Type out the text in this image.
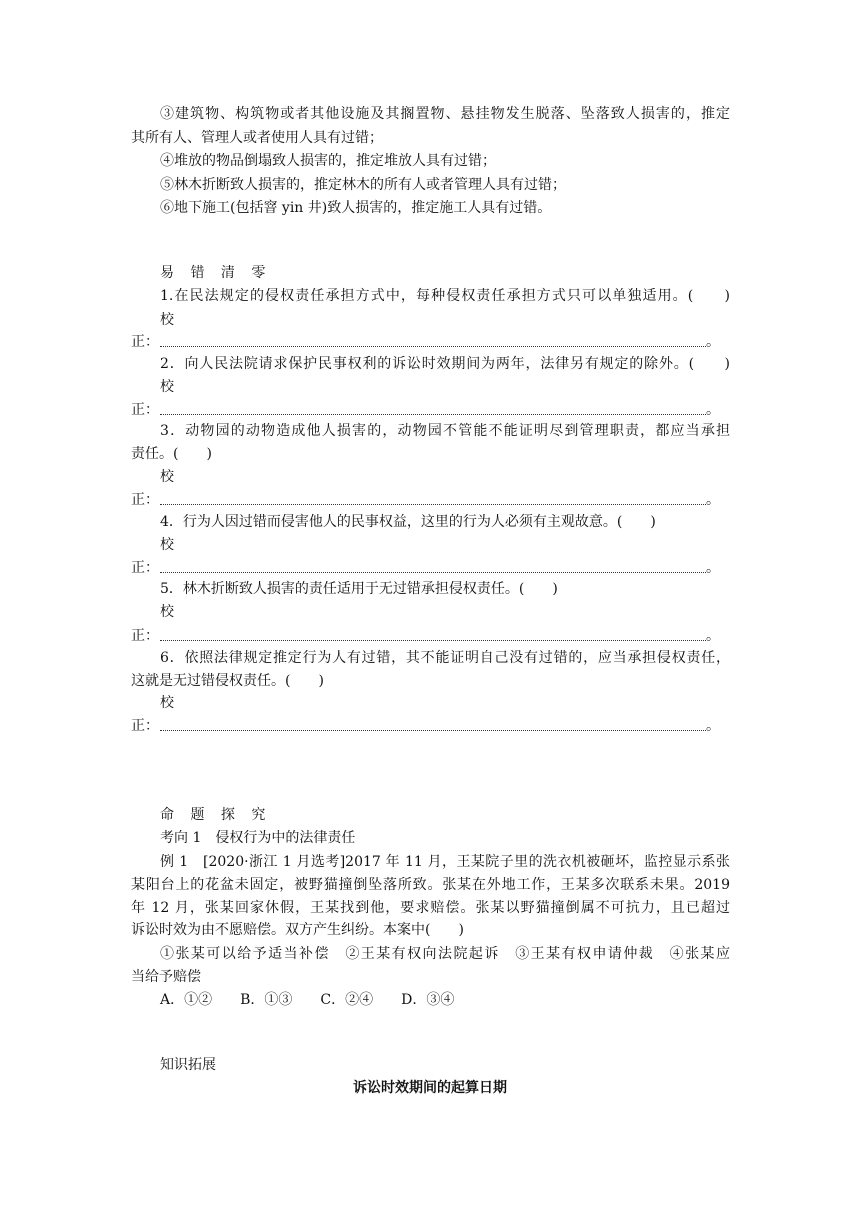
③建筑物、构筑物或者其他设施及其搁置物、悬挂物发生脱落、坠落致人损害的，推定
其所有人、管理人或者使用人具有过错；
④堆放的物品倒塌致人损害的，推定堆放人具有过错；
⑤林木折断致人损害的，推定林木的所有人或者管理人具有过错；
⑥地下施工(包括窨 yin 井)致人损害的，推定施工人具有过错。
易 错 清 零
1.在民法规定的侵权责任承担方式中，每种侵权责任承担方式只可以单独适用。(　　)
校
正：	。
2．向人民法院请求保护民事权利的诉讼时效期间为两年，法律另有规定的除外。(　　)
校
正：	。
3．动物园的动物造成他人损害的，动物园不管能不能证明尽到管理职责，都应当承担
责任。(　　)
校
正：	。
4．行为人因过错而侵害他人的民事权益，这里的行为人必须有主观故意。(　　)
校
正：	。
5．林木折断致人损害的责任适用于无过错承担侵权责任。(　　)
校
正：	。
6．依照法律规定推定行为人有过错，其不能证明自己没有过错的，应当承担侵权责任，
这就是无过错侵权责任。(　　)
校
正：	。
命 题 探 究
考向 1　侵权行为中的法律责任
例 1　[2020·浙江 1 月选考]2017 年 11 月，王某院子里的洗衣机被砸坏，监控显示系张
某阳台上的花盆未固定，被野猫撞倒坠落所致。张某在外地工作，王某多次联系未果。2019
年 12 月，张某回家休假，王某找到他，要求赔偿。张某以野猫撞倒属不可抗力，且已超过
诉讼时效为由不愿赔偿。双方产生纠纷。本案中(　　)
①张某可以给予适当补偿　②王某有权向法院起诉　③王某有权申请仲裁　④张某应
当给予赔偿
A．①②　　B．①③　　C．②④　　D．③④
知识拓展
诉讼时效期间的起算日期
